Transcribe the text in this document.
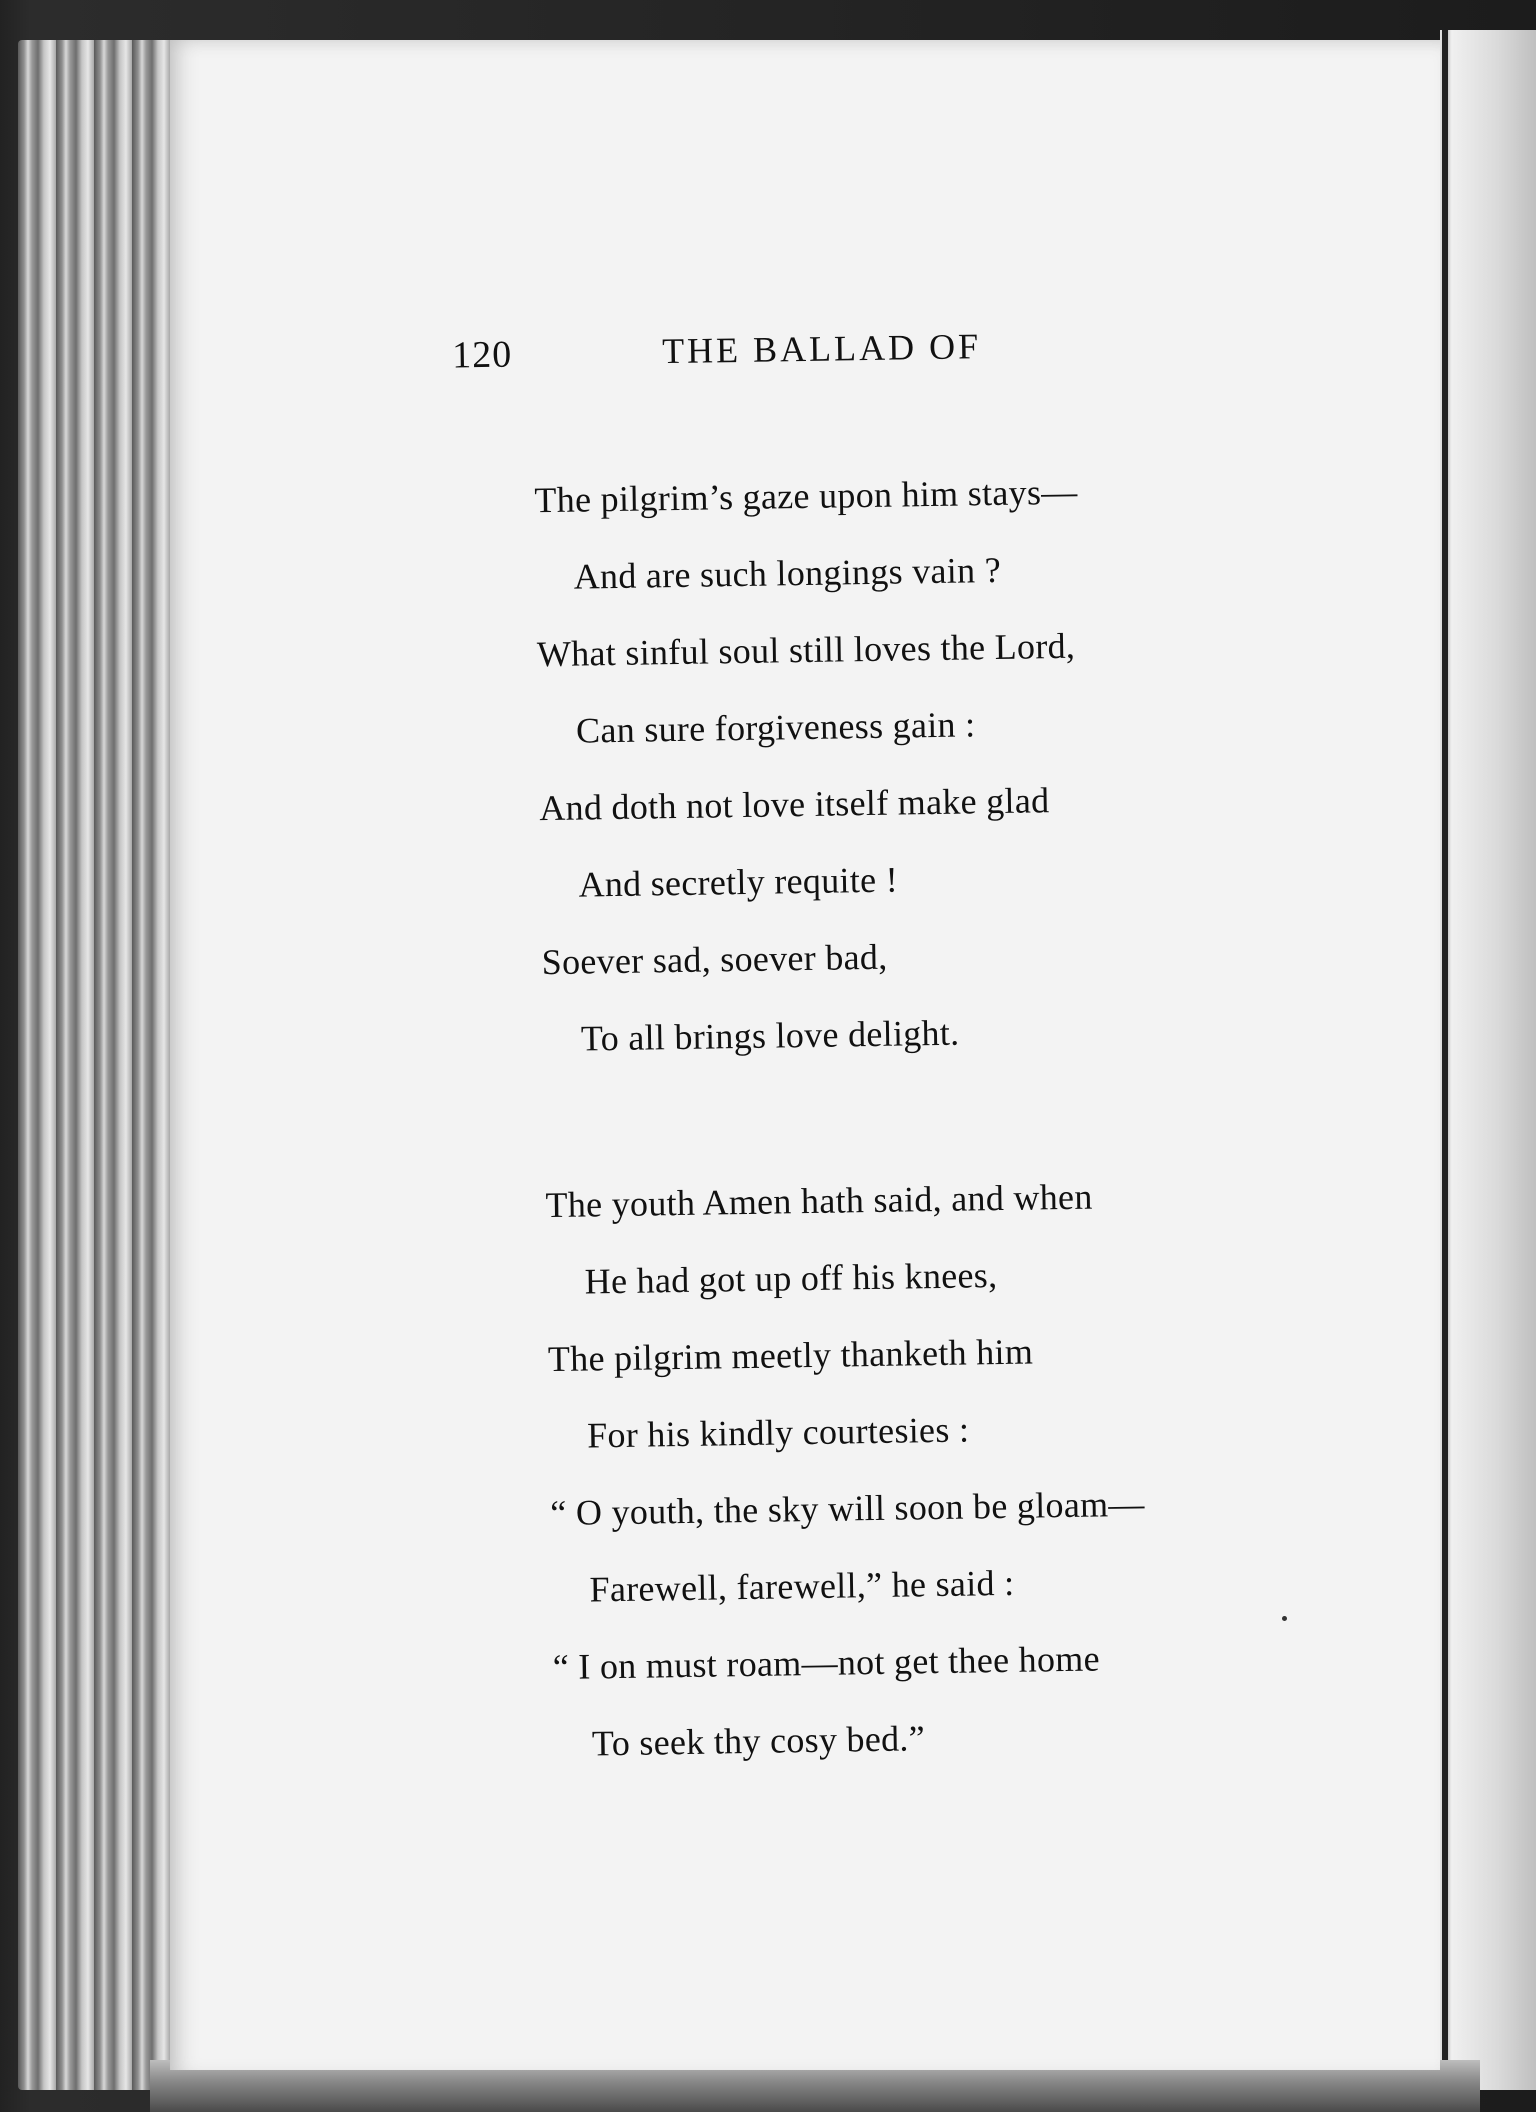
120	THE BALLAD OF
The pilgrim’s gaze upon him stays—
And are such longings vain ?
What sinful soul still loves the Lord,
Can sure forgiveness gain :
And doth not love itself make glad
And secretly requite !
Soever sad, soever bad,
To all brings love delight.
The youth Amen hath said, and when
He had got up off his knees,
The pilgrim meetly thanketh him
For his kindly courtesies :
“ O youth, the sky will soon be gloam—
Farewell, farewell,” he said :
“ I on must roam—not get thee home
To seek thy cosy bed.”
